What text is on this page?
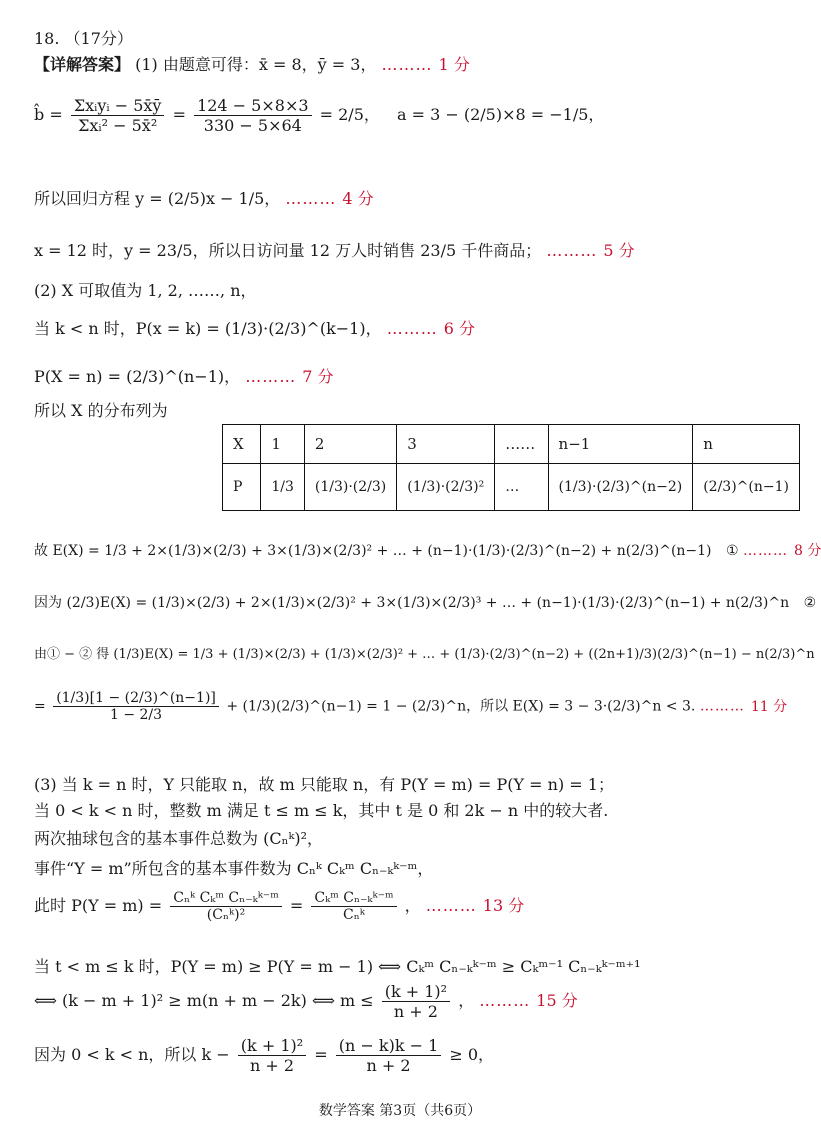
18. （17分）
【详解答案】 (1) 由题意可得：x̄ = 8，ȳ = 3， ……… 1 分
b̂ = Σxᵢyᵢ − 5x̄ȳ
Σxᵢ² − 5x̄²
= $\frac{124 - 5\times 8\times 3}{330 - 5\times 64} = 2/5$， a = 3 − (2/5)×8 = −1/5，
所以回归方程 y = (2/5)x − 1/5， ……… 4 分
x = 12 时，y = 23/5，所以日访问量 12 万人时销售 23/5 千件商品； ……… 5 分
(2) X 可取值为 1, 2, ……, n，
当 k < n 时，P(x = k) = (1/3)·(2/3)^(k−1)， ……… 6 分
P(X = n) = (2/3)^(n−1)， ……… 7 分
所以 X 的分布列为
X	1	2	3	……	n−1	n
P	1/3	(1/3)·(2/3)	(1/3)·(2/3)²	…	(1/3)·(2/3)^(n−2)	(2/3)^(n−1)
故 E(X) = 1/3 + 2×(1/3)×(2/3) + 3×(1/3)×(2/3)² + … + (n−1)·(1/3)·(2/3)^(n−2) + n(2/3)^(n−1) ① ……… 8 分
因为 (2/3)E(X) = (1/3)×(2/3) + 2×(1/3)×(2/3)² + 3×(1/3)×(2/3)³ + … + (n−1)·(1/3)·(2/3)^(n−1) + n(2/3)^n ②
由① − ② 得 (1/3)E(X) = 1/3 + (1/3)×(2/3) + (1/3)×(2/3)² + … + (1/3)·(2/3)^(n−2) + ((2n+1)/3)(2/3)^(n−1) − n(2/3)^n
= $\frac{(1/3)[1 - (2/3)\^{}(n-1)]}{1 - 2/3}$ + (1/3)(2/3)^(n−1) = 1 − (2/3)^n，所以 E(X) = 3 − 3·(2/3)^n < 3. ……… 11 分
(3) 当 k = n 时，Y 只能取 n，故 m 只能取 n，有 P(Y = m) = P(Y = n) = 1；
当 0 < k < n 时，整数 m 满足 t ≤ m ≤ k，其中 t 是 0 和 2k − n 中的较大者.
两次抽球包含的基本事件总数为 (Cₙᵏ)²，
事件“Y = m”所包含的基本事件数为 Cₙᵏ Cₖᵐ Cₙ₋ₖᵏ⁻ᵐ，
此时 P(Y = m) = Cₙᵏ Cₖᵐ Cₙ₋ₖᵏ⁻ᵐ
(Cₙᵏ)²	= Cₖᵐ Cₙ₋ₖᵏ⁻ᵐ
Cₙᵏ ， ……… 13 分
当 t < m ≤ k 时，P(Y = m) ≥ P(Y = m − 1) ⟺ Cₖᵐ Cₙ₋ₖᵏ⁻ᵐ ≥ Cₖᵐ⁻¹ Cₙ₋ₖᵏ⁻ᵐ⁺¹
⟺ (k − m + 1)² ≥ m(n + m − 2k) ⟺ $m \le \frac{\text{(k + 1)²}}{n + 2}$ ， ……… 15 分
因为 0 < k < n，所以 $k - \frac{\text{(k + 1)²}}{n + 2} = \frac{(n - k)k - 1}{n + 2} \ge 0$，
数学答案 第3页（共6页）
